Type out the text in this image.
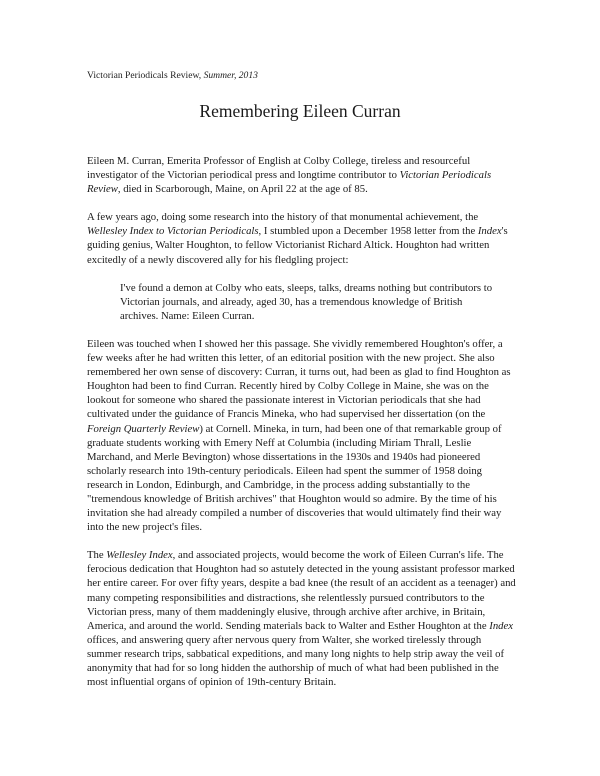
Victorian Periodicals Review, Summer, 2013
Remembering Eileen Curran

Eileen M. Curran, Emerita Professor of English at Colby College, tireless and resourceful investigator of the Victorian periodical press and longtime contributor to Victorian Periodicals Review, died in Scarborough, Maine, on April 22 at the age of 85.

A few years ago, doing some research into the history of that monumental achievement, the Wellesley Index to Victorian Periodicals, I stumbled upon a December 1958 letter from the Index's guiding genius, Walter Houghton, to fellow Victorianist Richard Altick. Houghton had written excitedly of a newly discovered ally for his fledgling project:

I've found a demon at Colby who eats, sleeps, talks, dreams nothing but contributors to Victorian journals, and already, aged 30, has a tremendous knowledge of British archives. Name: Eileen Curran.

Eileen was touched when I showed her this passage. She vividly remembered Houghton's offer, a few weeks after he had written this letter, of an editorial position with the new project. She also remembered her own sense of discovery: Curran, it turns out, had been as glad to find Houghton as Houghton had been to find Curran. Recently hired by Colby College in Maine, she was on the lookout for someone who shared the passionate interest in Victorian periodicals that she had cultivated under the guidance of Francis Mineka, who had supervised her dissertation (on the Foreign Quarterly Review) at Cornell. Mineka, in turn, had been one of that remarkable group of graduate students working with Emery Neff at Columbia (including Miriam Thrall, Leslie Marchand, and Merle Bevington) whose dissertations in the 1930s and 1940s had pioneered scholarly research into 19th-century periodicals. Eileen had spent the summer of 1958 doing research in London, Edinburgh, and Cambridge, in the process adding substantially to the "tremendous knowledge of British archives" that Houghton would so admire. By the time of his invitation she had already compiled a number of discoveries that would ultimately find their way into the new project's files.

The Wellesley Index, and associated projects, would become the work of Eileen Curran's life. The ferocious dedication that Houghton had so astutely detected in the young assistant professor marked her entire career. For over fifty years, despite a bad knee (the result of an accident as a teenager) and many competing responsibilities and distractions, she relentlessly pursued contributors to the Victorian press, many of them maddeningly elusive, through archive after archive, in Britain, America, and around the world. Sending materials back to Walter and Esther Houghton at the Index offices, and answering query after nervous query from Walter, she worked tirelessly through summer research trips, sabbatical expeditions, and many long nights to help strip away the veil of anonymity that had for so long hidden the authorship of much of what had been published in the most influential organs of opinion of 19th-century Britain.
